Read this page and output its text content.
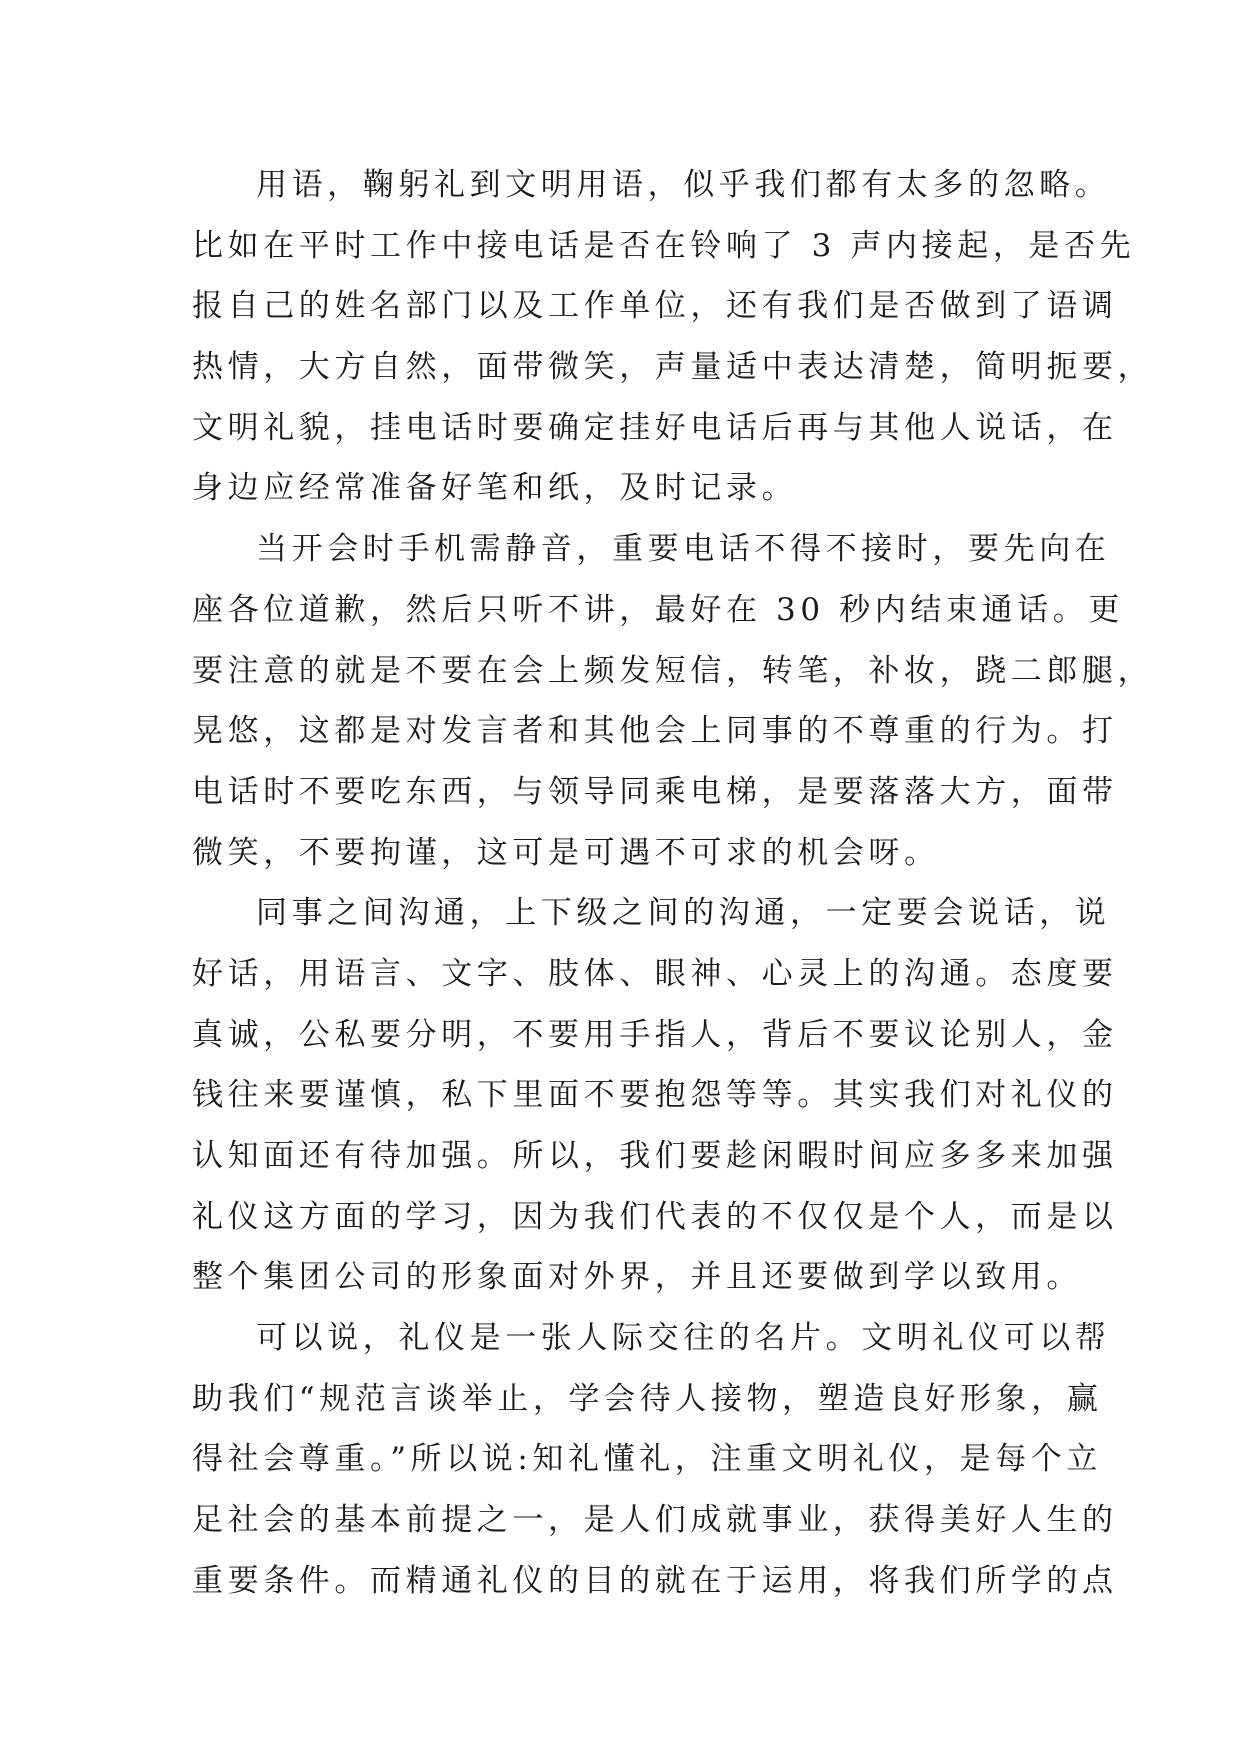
用语，鞠躬礼到文明用语，似乎我们都有太多的忽略。
比如在平时工作中接电话是否在铃响了 3 声内接起，是否先
报自己的姓名部门以及工作单位，还有我们是否做到了语调
热情，大方自然，面带微笑，声量适中表达清楚，简明扼要，
文明礼貌，挂电话时要确定挂好电话后再与其他人说话，在
身边应经常准备好笔和纸，及时记录。
当开会时手机需静音，重要电话不得不接时，要先向在
座各位道歉，然后只听不讲，最好在 30 秒内结束通话。更
要注意的就是不要在会上频发短信，转笔，补妆，跷二郎腿，
晃悠，这都是对发言者和其他会上同事的不尊重的行为。打
电话时不要吃东西，与领导同乘电梯，是要落落大方，面带
微笑，不要拘谨，这可是可遇不可求的机会呀。
同事之间沟通，上下级之间的沟通，一定要会说话，说
好话，用语言、文字、肢体、眼神、心灵上的沟通。态度要
真诚，公私要分明，不要用手指人，背后不要议论别人，金
钱往来要谨慎，私下里面不要抱怨等等。其实我们对礼仪的
认知面还有待加强。所以，我们要趁闲暇时间应多多来加强
礼仪这方面的学习，因为我们代表的不仅仅是个人，而是以
整个集团公司的形象面对外界，并且还要做到学以致用。
可以说，礼仪是一张人际交往的名片。文明礼仪可以帮
助我们“规范言谈举止，学会待人接物，塑造良好形象，赢
得社会尊重。”所以说:知礼懂礼，注重文明礼仪，是每个立
足社会的基本前提之一，是人们成就事业，获得美好人生的
重要条件。而精通礼仪的目的就在于运用，将我们所学的点
